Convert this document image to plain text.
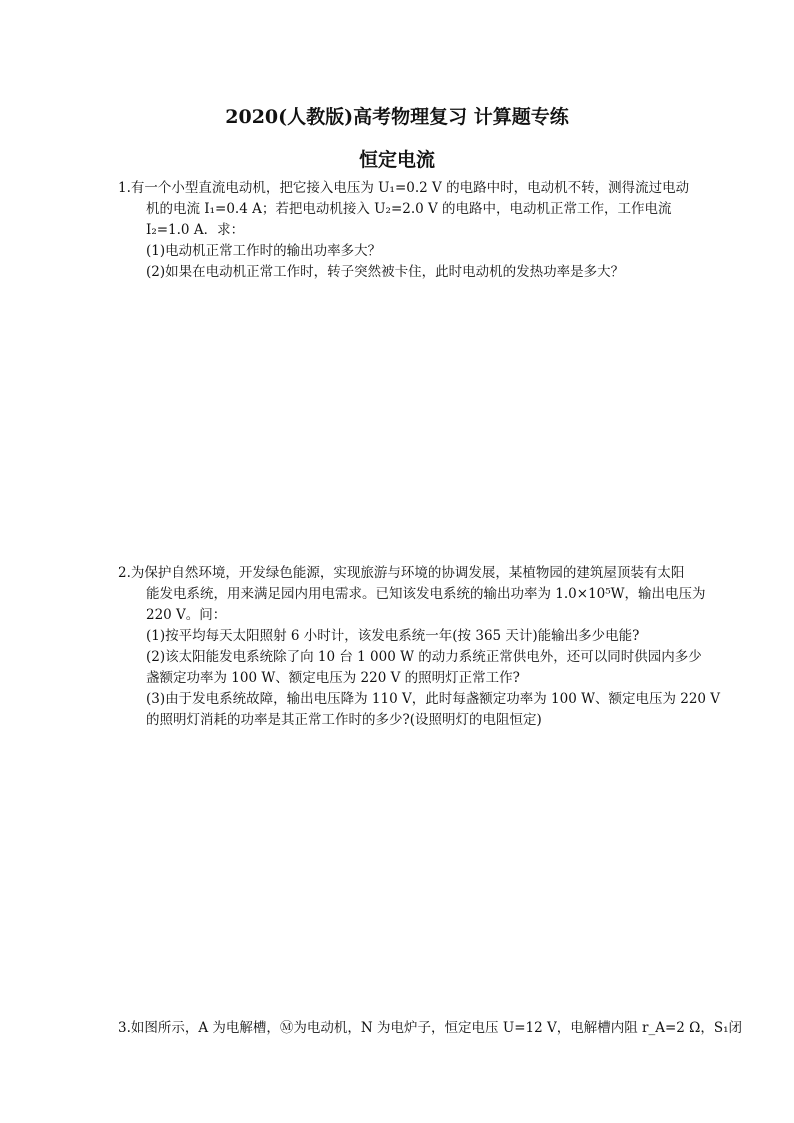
2020(人教版)高考物理复习 计算题专练
恒定电流
1.有一个小型直流电动机，把它接入电压为 U₁=0.2 V 的电路中时，电动机不转，测得流过电动
机的电流 I₁=0.4 A；若把电动机接入 U₂=2.0 V 的电路中，电动机正常工作，工作电流
I₂=1.0 A．求：
(1)电动机正常工作时的输出功率多大？
(2)如果在电动机正常工作时，转子突然被卡住，此时电动机的发热功率是多大？
2.为保护自然环境，开发绿色能源，实现旅游与环境的协调发展，某植物园的建筑屋顶装有太阳
能发电系统，用来满足园内用电需求。已知该发电系统的输出功率为 1.0×10⁵W，输出电压为
220 V。问：
(1)按平均每天太阳照射 6 小时计，该发电系统一年(按 365 天计)能输出多少电能?
(2)该太阳能发电系统除了向 10 台 1 000 W 的动力系统正常供电外，还可以同时供园内多少
盏额定功率为 100 W、额定电压为 220 V 的照明灯正常工作?
(3)由于发电系统故障，输出电压降为 110 V，此时每盏额定功率为 100 W、额定电压为 220 V
的照明灯消耗的功率是其正常工作时的多少?(设照明灯的电阻恒定)
3.如图所示，A 为电解槽，Ⓜ为电动机，N 为电炉子，恒定电压 U=12 V，电解槽内阻 r_A=2 Ω，S₁闭
